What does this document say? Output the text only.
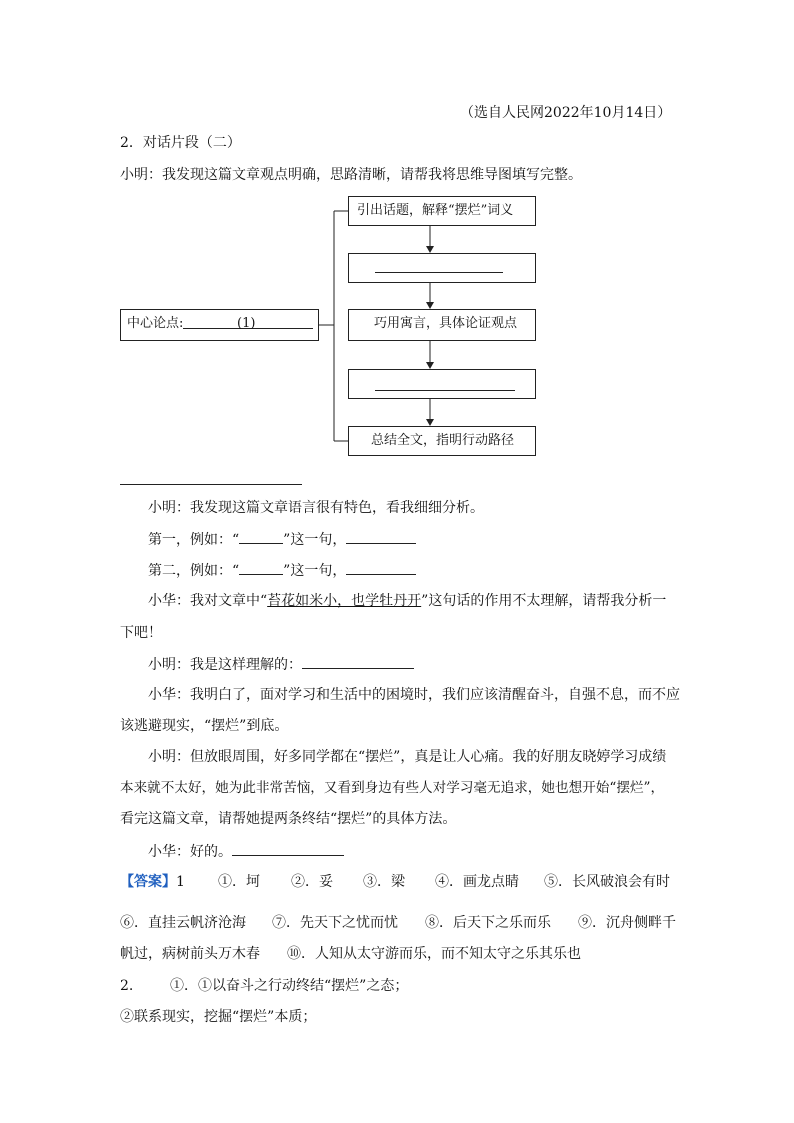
（选自人民网2022年10月14日）
2．对话片段（二）
小明：我发现这篇文章观点明确，思路清晰，请帮我将思维导图填写完整。
中心论点:	(1)
引出话题，解释“摆烂”词义
巧用寓言，具体论证观点
总结全文，指明行动路径
小明：我发现这篇文章语言很有特色，看我细细分析。
第一，例如：“	”这一句，
第二，例如：“	”这一句，
小华：我对文章中“苔花如米小，也学牡丹开”这句话的作用不太理解，请帮我分析一
下吧！
小明：我是这样理解的：
小华：我明白了，面对学习和生活中的困境时，我们应该清醒奋斗，自强不息，而不应
该逃避现实，“摆烂”到底。
小明：但放眼周围，好多同学都在“摆烂”，真是让人心痛。我的好朋友晓婷学习成绩
本来就不太好，她为此非常苦恼，又看到身边有些人对学习毫无追求，她也想开始“摆烂”，
看完这篇文章，请帮她提两条终结“摆烂”的具体方法。
小华：好的。
【答案】1 ①．坷 ②．妥 ③．梁 ④．画龙点睛 ⑤．长风破浪会有时
⑥．直挂云帆济沧海 ⑦．先天下之忧而忧 ⑧．后天下之乐而乐 ⑨．沉舟侧畔千
帆过，病树前头万木春 ⑩．人知从太守游而乐，而不知太守之乐其乐也
2.	①．①以奋斗之行动终结“摆烂”之态；
②联系现实，挖掘“摆烂”本质；
